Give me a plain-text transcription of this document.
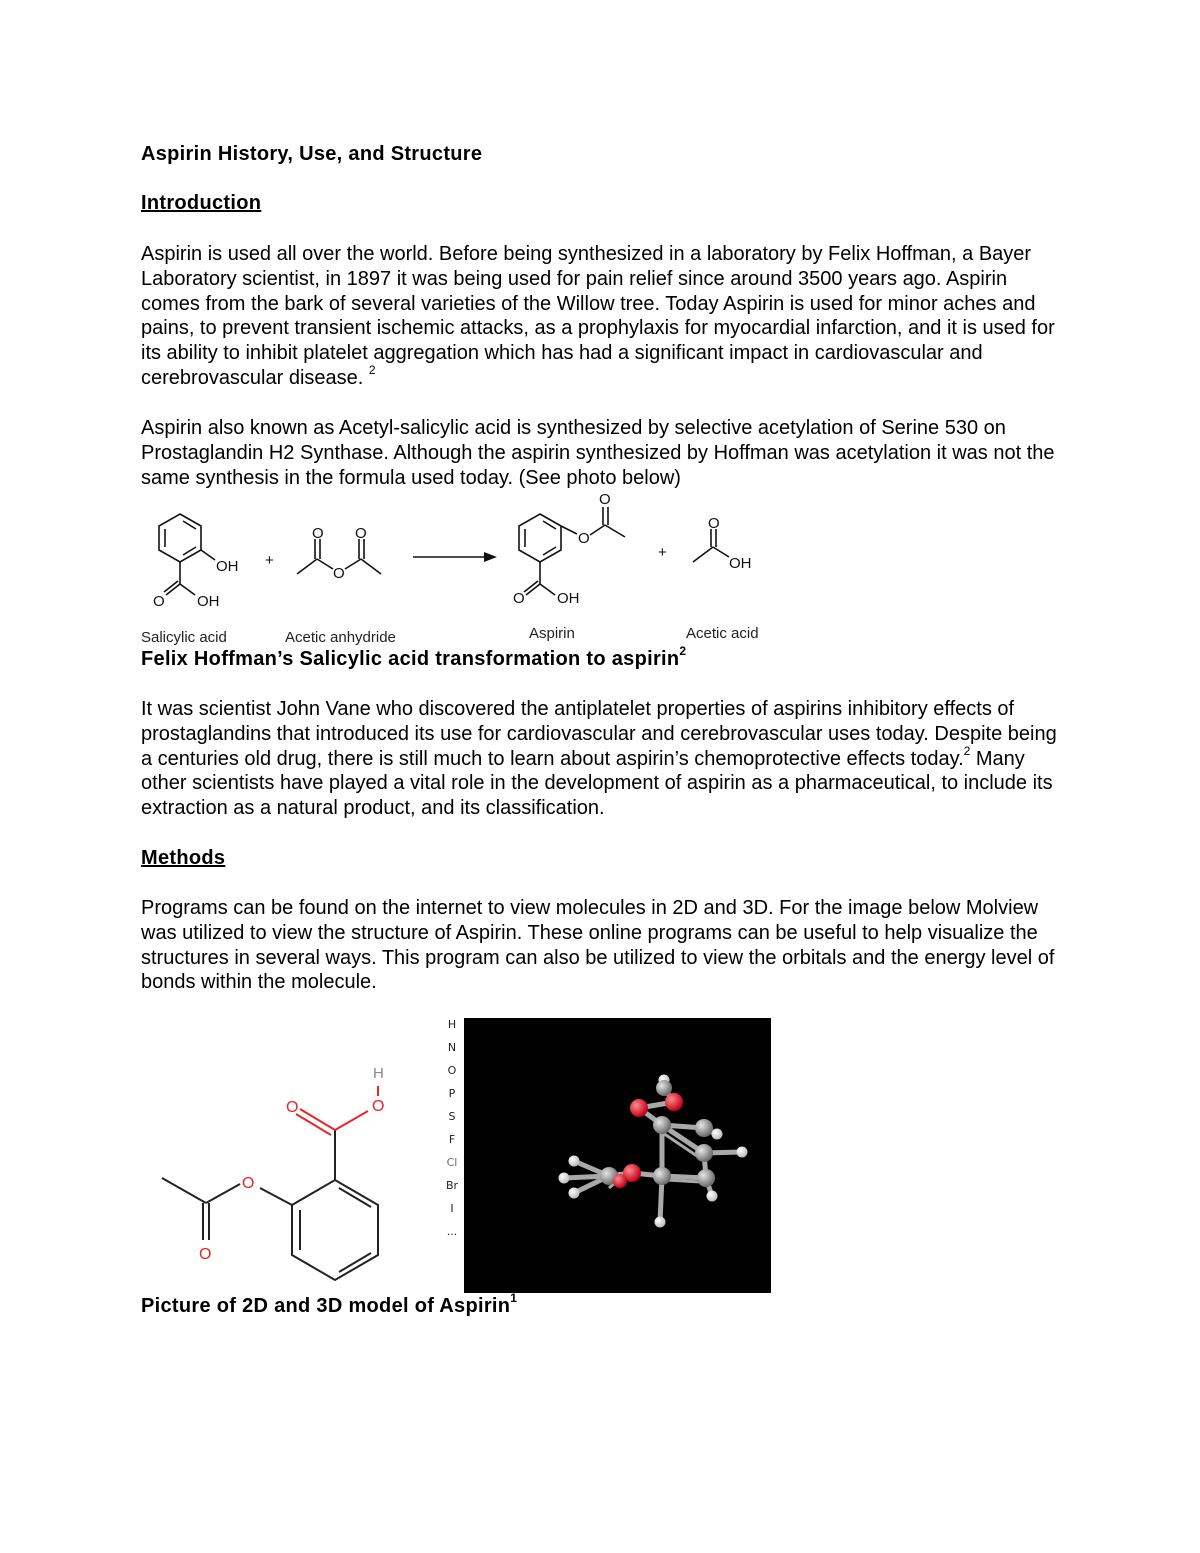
Aspirin History, Use, and Structure
Introduction

Aspirin is used all over the world. Before being synthesized in a laboratory by Felix Hoffman, a Bayer Laboratory scientist, in 1897 it was being used for pain relief since around 3500 years ago. Aspirin comes from the bark of several varieties of the Willow tree. Today Aspirin is used for minor aches and pains, to prevent transient ischemic attacks, as a prophylaxis for myocardial infarction, and it is used for its ability to inhibit platelet aggregation which has had a significant impact in cardiovascular and cerebrovascular disease. $^2$

Aspirin also known as Acetyl-salicylic acid is synthesized by selective acetylation of Serine 530 on Prostaglandin H2 Synthase. Although the aspirin synthesized by Hoffman was acetylation it was not the same synthesis in the formula used today. (See photo below)

OH
O OH
+
O O
O
O
O
O OH
+
O
OH
Salicylic acid	Acetic anhydride	Aspirin	Acetic acid
Felix Hoffman’s Salicylic acid transformation to aspirin$^2$

It was scientist John Vane who discovered the antiplatelet properties of aspirins inhibitory effects of prostaglandins that introduced its use for cardiovascular and cerebrovascular uses today. Despite being a centuries old drug, there is still much to learn about aspirin’s chemoprotective effects today.$^2$ Many other scientists have played a vital role in the development of aspirin as a pharmaceutical, to include its extraction as a natural product, and its classification.

Methods

Programs can be found on the internet to view molecules in 2D and 3D. For the image below Molview was utilized to view the structure of Aspirin. These online programs can be useful to help visualize the structures in several ways. This program can also be utilized to view the orbitals and the energy level of bonds within the molecule.

O	O
H
O
O
H
N
O
P
S
F
Cl
Br
I
...
Picture of 2D and 3D model of Aspirin$^1$
